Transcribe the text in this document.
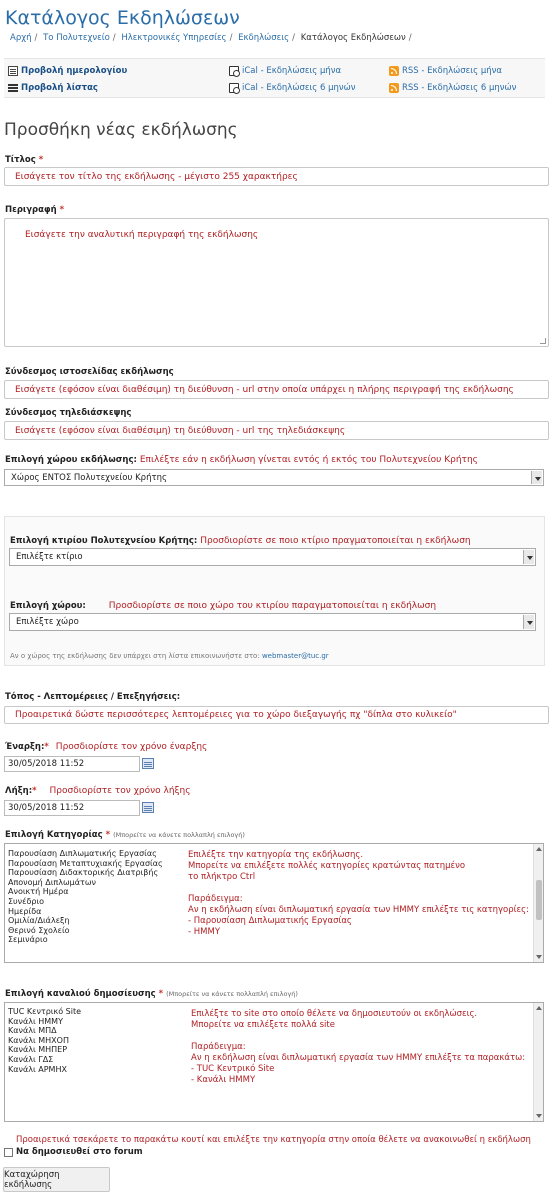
Κατάλογος Εκδηλώσεων
Αρχή / Το Πολυτεχνείο / Ηλεκτρονικές Υπηρεσίες / Εκδηλώσεις / Κατάλογος Εκδηλώσεων /
Προβολή ημερολογίου
Προβολή λίστας
iCal - Εκδηλώσεις μήνα
iCal - Εκδηλώσεις 6 μηνών
RSS - Εκδηλώσεις μήνα
RSS - Εκδηλώσεις 6 μηνών
Προσθήκη νέας εκδήλωσης
Τίτλος *
Εισάγετε τον τίτλο της εκδήλωσης - μέγιστο 255 χαρακτήρες
Περιγραφή *
Εισάγετε την αναλυτική περιγραφή της εκδήλωσης
Σύνδεσμος ιστοσελίδας εκδήλωσης
Εισάγετε (εφόσον είναι διαθέσιμη) τη διεύθυνση - url στην οποία υπάρχει η πλήρης περιγραφή της εκδήλωσης
Σύνδεσμος τηλεδιάσκεψης
Εισάγετε (εφόσον είναι διαθέσιμη) τη διεύθυνση - url της τηλεδιάσκεψης
Επιλογή χώρου εκδήλωσης: Επιλέξτε εάν η εκδήλωση γίνεται εντός ή εκτός του Πολυτεχνείου Κρήτης
Χώρος ΕΝΤΟΣ Πολυτεχνείου Κρήτης
Επιλογή κτιρίου Πολυτεχνείου Κρήτης: Προσδιορίστε σε ποιο κτίριο πραγματοποιείται η εκδήλωση
Επιλέξτε κτίριο
Επιλογή χώρου:	Προσδιορίστε σε ποιο χώρο του κτιρίου παραγματοποιείται η εκδήλωση
Επιλέξτε χώρο
Αν ο χώρος της εκδήλωσης δεν υπάρχει στη λίστα επικοινωνήστε στο: webmaster@tuc.gr
Τόπος - Λεπτομέρειες / Επεξηγήσεις:
Προαιρετικά δώστε περισσότερες λεπτομέρειες για το χώρο διεξαγωγής πχ "δίπλα στο κυλικείο"
Έναρξη:* Προσδιορίστε τον χρόνο έναρξης
30/05/2018 11:52
Λήξη:* Προσδιορίστε τον χρόνο λήξης
30/05/2018 11:52
Επιλογή Κατηγορίας * (Μπορείτε να κάνετε πολλαπλή επιλογή)
Παρουσίαση Διπλωματικής Εργασίας
Παρουσίαση Μεταπτυχιακής Εργασίας
Παρουσίαση Διδακτορικής Διατριβής
Απονομή Διπλωμάτων
Ανοικτή Ημέρα
Συνέδριο
Ημερίδα
Ομιλία/Διάλεξη
Θερινό Σχολείο
Σεμινάριο
Επιλέξτε την κατηγορία της εκδήλωσης.
Μπορείτε να επιλέξετε πολλές κατηγορίες κρατώντας πατημένο
το πλήκτρο Ctrl
Παράδειγμα:
Αν η εκδήλωση είναι διπλωματική εργασία των ΗΜΜΥ επιλέξτε τις κατηγορίες:
- Παρουσίαση Διπλωματικής Εργασίας
- ΗΜΜΥ
Επιλογή καναλιού δημοσίευσης * (Μπορείτε να κάνετε πολλαπλή επιλογή)
TUC Κεντρικό Site
Κανάλι ΗΜΜΥ
Κανάλι ΜΠΔ
Κανάλι ΜΗΧΟΠ
Κανάλι ΜΗΠΕΡ
Κανάλι ΓΔΣ
Κανάλι ΑΡΜΗΧ
Επιλέξτε το site στο οποίο θέλετε να δημοσιευτούν οι εκδηλώσεις.
Μπορείτε να επιλέξετε πολλά site
Παράδειγμα:
Αν η εκδήλωση είναι διπλωματική εργασία των ΗΜΜΥ επιλέξτε τα παρακάτω:
- TUC Κεντρικό Site
- Κανάλι ΗΜΜΥ
Προαιρετικά τσεκάρετε το παρακάτω κουτί και επιλέξτε την κατηγορία στην οποία θέλετε να ανακοινωθεί η εκδήλωση
Να δημοσιευθεί στο forum
Καταχώρηση εκδήλωσης
